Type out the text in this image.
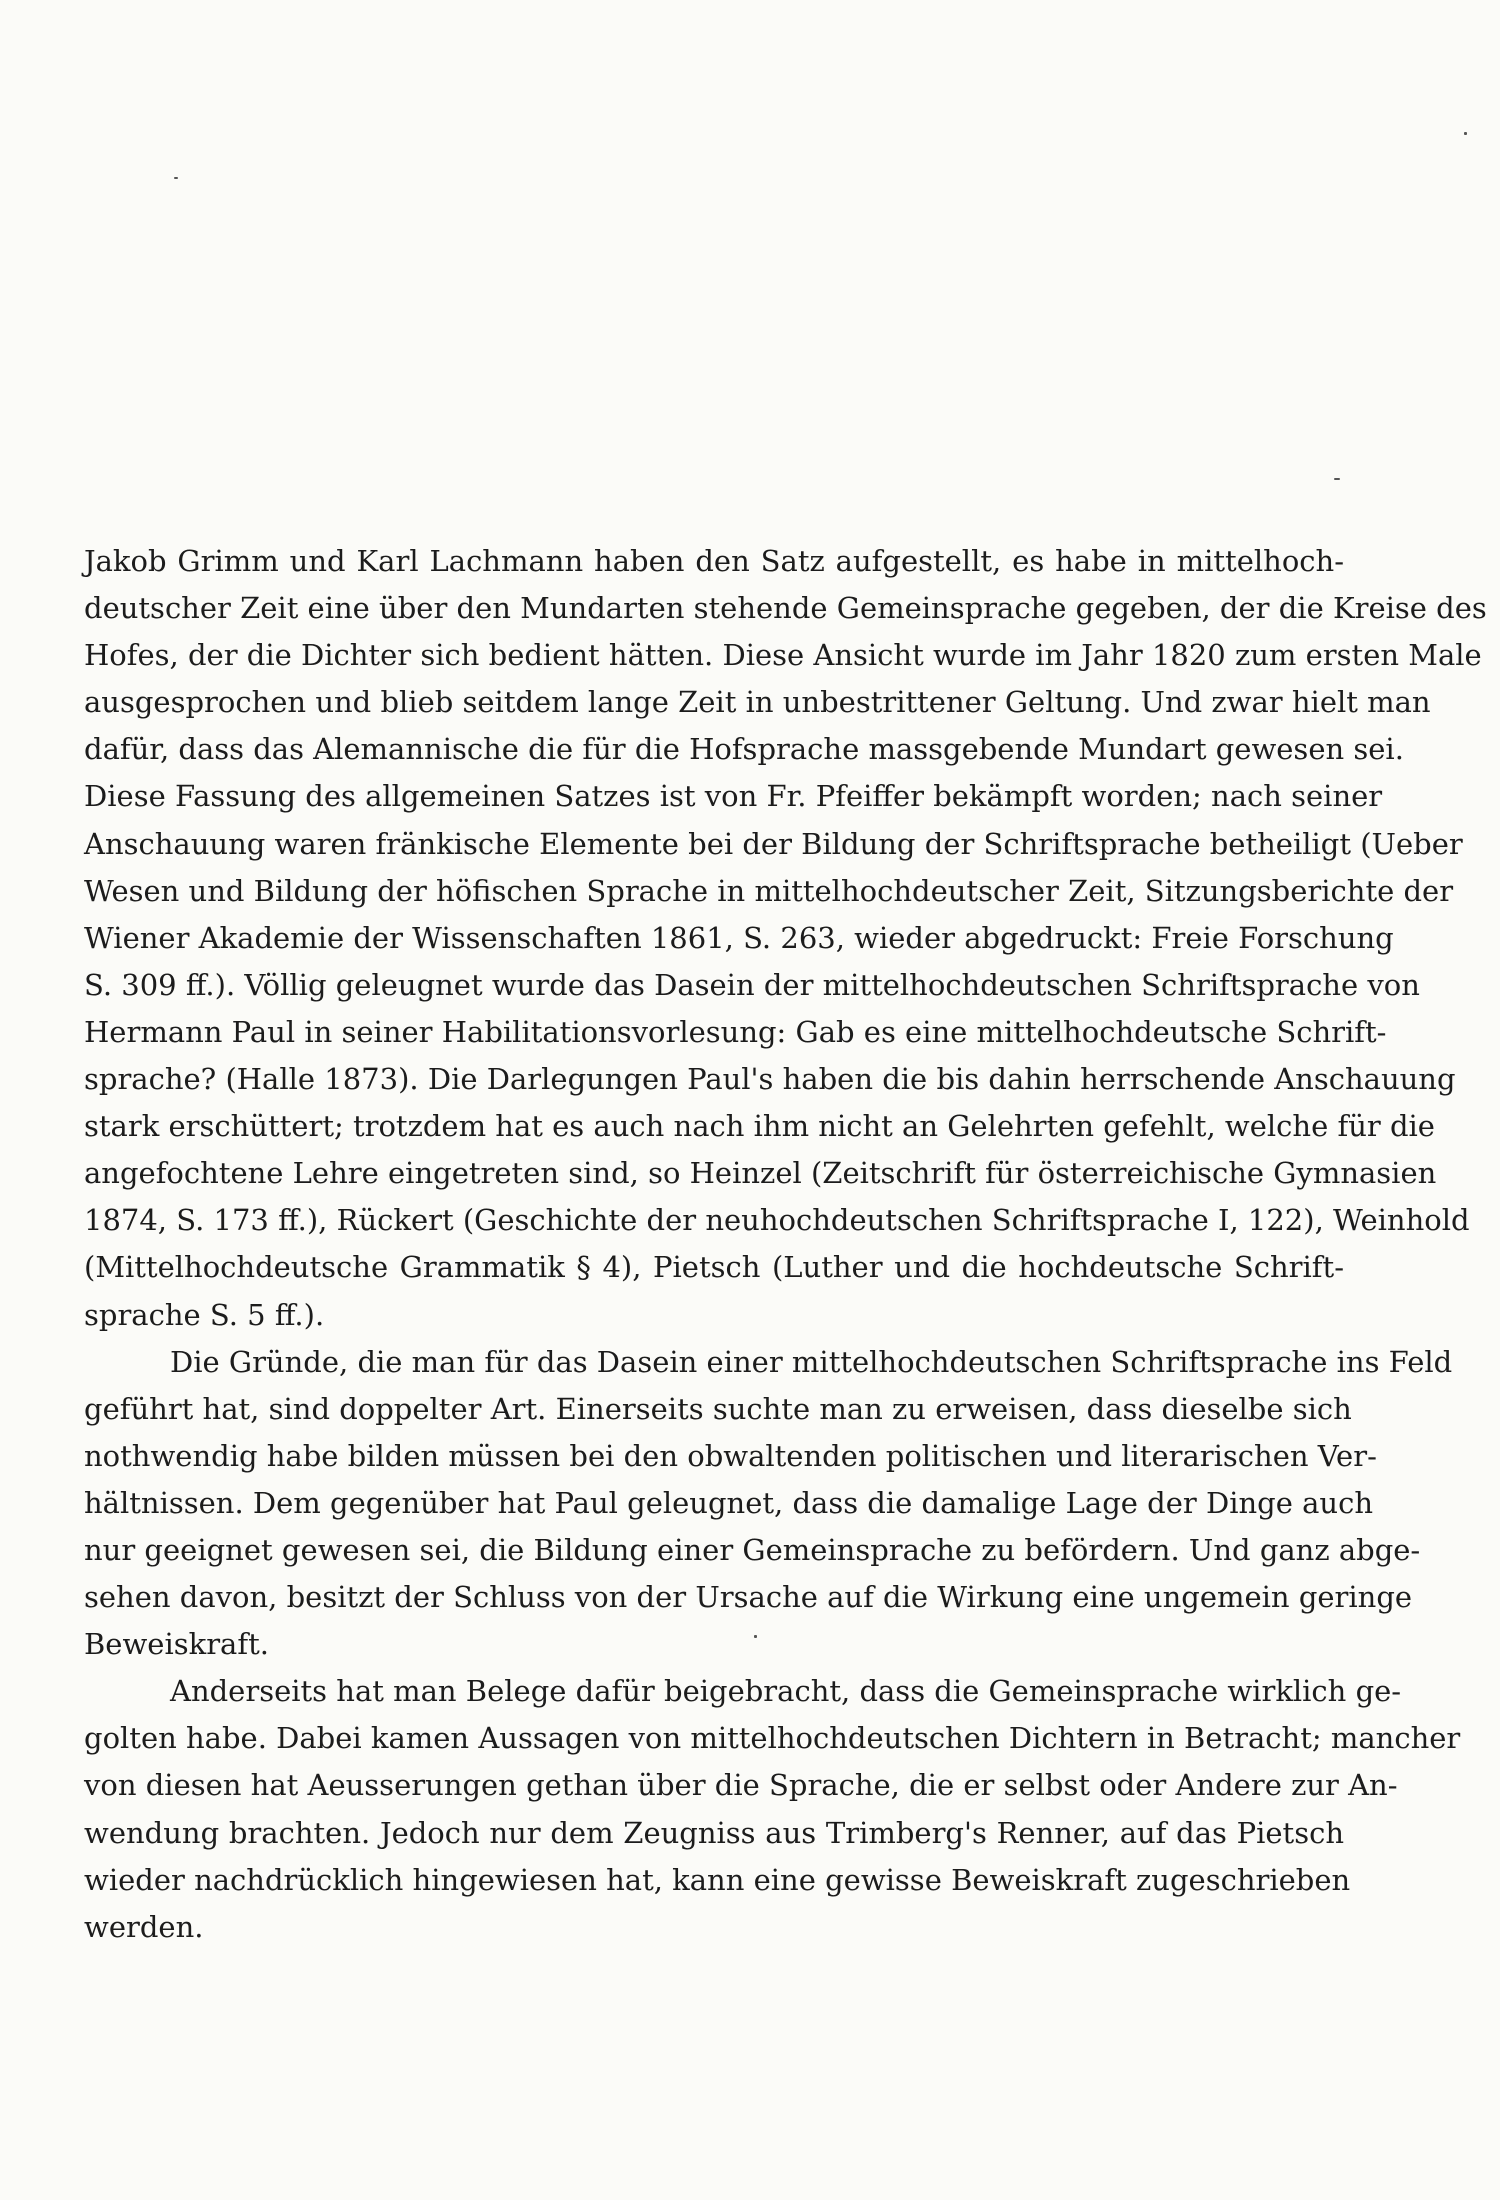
Jakob Grimm und Karl Lachmann haben den Satz aufgestellt, es habe in mittelhoch-
deutscher Zeit eine über den Mundarten stehende Gemeinsprache gegeben, der die Kreise des
Hofes, der die Dichter sich bedient hätten. Diese Ansicht wurde im Jahr 1820 zum ersten Male
ausgesprochen und blieb seitdem lange Zeit in unbestrittener Geltung. Und zwar hielt man
dafür, dass das Alemannische die für die Hofsprache massgebende Mundart gewesen sei.
Diese Fassung des allgemeinen Satzes ist von Fr. Pfeiffer bekämpft worden; nach seiner
Anschauung waren fränkische Elemente bei der Bildung der Schriftsprache betheiligt (Ueber
Wesen und Bildung der höfischen Sprache in mittelhochdeutscher Zeit, Sitzungsberichte der
Wiener Akademie der Wissenschaften 1861, S. 263, wieder abgedruckt: Freie Forschung
S. 309 ff.). Völlig geleugnet wurde das Dasein der mittelhochdeutschen Schriftsprache von
Hermann Paul in seiner Habilitationsvorlesung: Gab es eine mittelhochdeutsche Schrift-
sprache? (Halle 1873). Die Darlegungen Paul's haben die bis dahin herrschende Anschauung
stark erschüttert; trotzdem hat es auch nach ihm nicht an Gelehrten gefehlt, welche für die
angefochtene Lehre eingetreten sind, so Heinzel (Zeitschrift für österreichische Gymnasien
1874, S. 173 ff.), Rückert (Geschichte der neuhochdeutschen Schriftsprache I, 122), Weinhold
(Mittelhochdeutsche Grammatik § 4), Pietsch (Luther und die hochdeutsche Schrift-
sprache S. 5 ff.).
Die Gründe, die man für das Dasein einer mittelhochdeutschen Schriftsprache ins Feld
geführt hat, sind doppelter Art. Einerseits suchte man zu erweisen, dass dieselbe sich
nothwendig habe bilden müssen bei den obwaltenden politischen und literarischen Ver-
hältnissen. Dem gegenüber hat Paul geleugnet, dass die damalige Lage der Dinge auch
nur geeignet gewesen sei, die Bildung einer Gemeinsprache zu befördern. Und ganz abge-
sehen davon, besitzt der Schluss von der Ursache auf die Wirkung eine ungemein geringe
Beweiskraft.
Anderseits hat man Belege dafür beigebracht, dass die Gemeinsprache wirklich ge-
golten habe. Dabei kamen Aussagen von mittelhochdeutschen Dichtern in Betracht; mancher
von diesen hat Aeusserungen gethan über die Sprache, die er selbst oder Andere zur An-
wendung brachten. Jedoch nur dem Zeugniss aus Trimberg's Renner, auf das Pietsch
wieder nachdrücklich hingewiesen hat, kann eine gewisse Beweiskraft zugeschrieben
werden.
